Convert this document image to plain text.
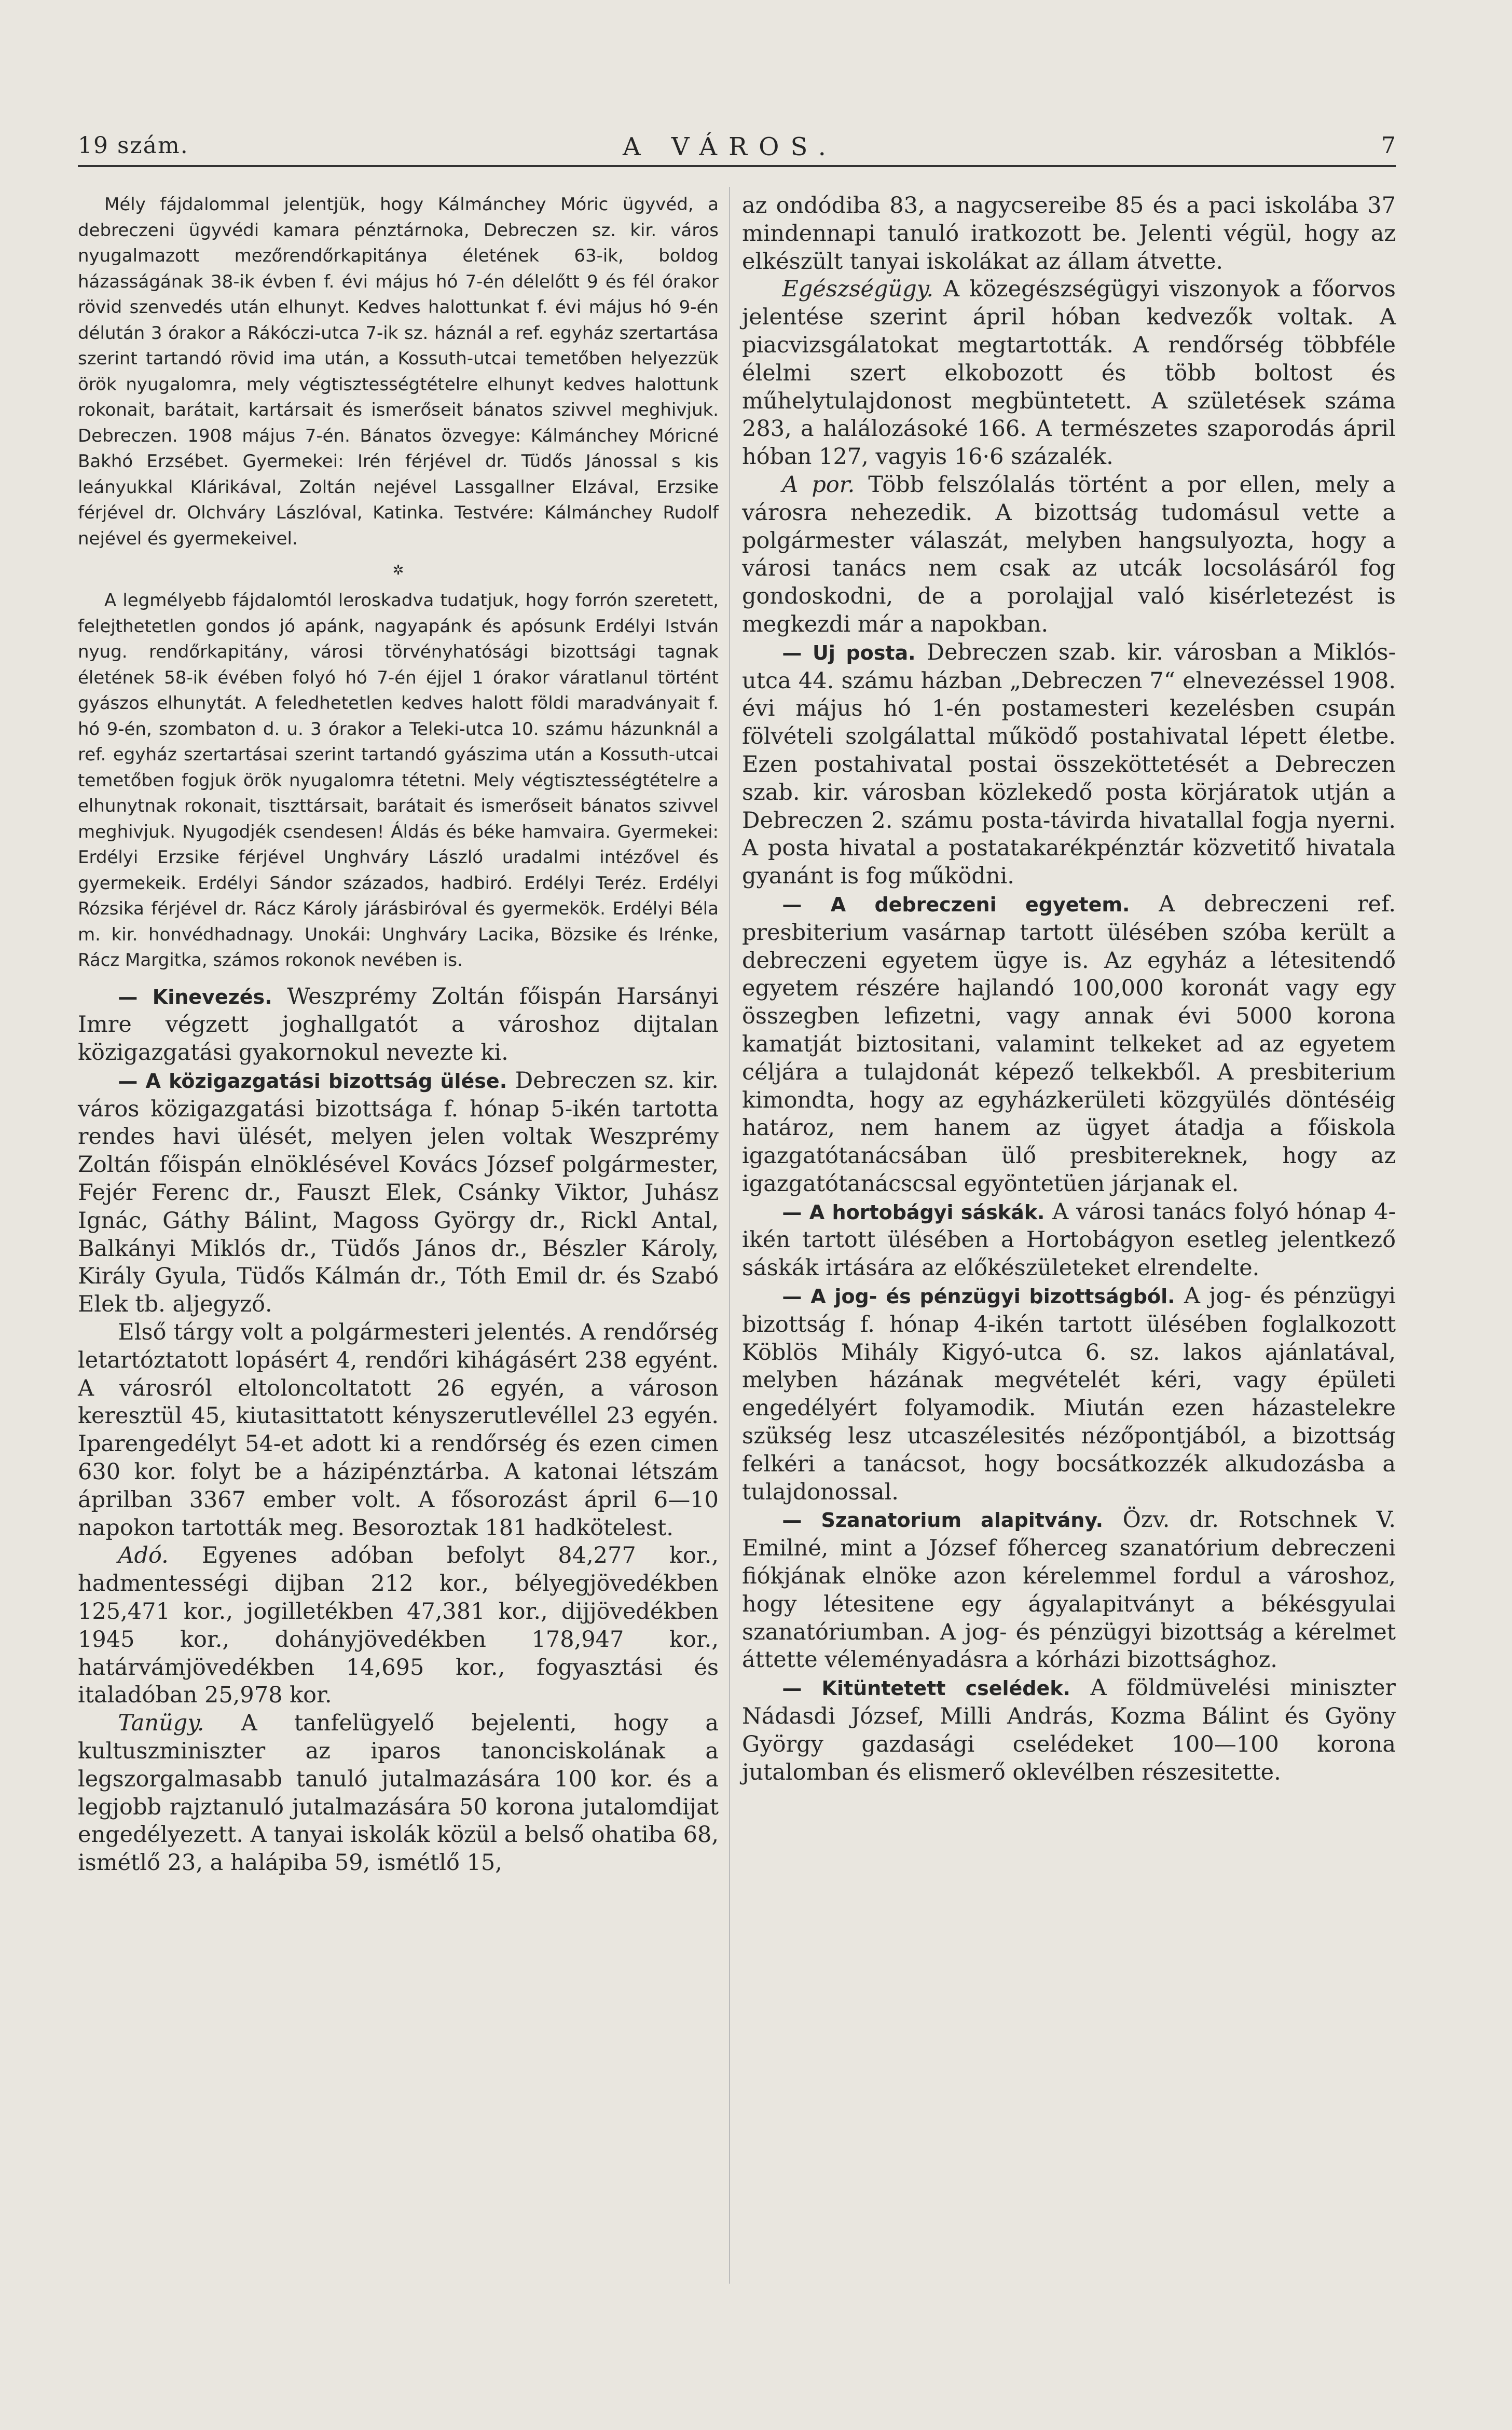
19 szám.	A VÁROS.	7

Mély fájdalommal jelentjük, hogy Kálmánchey Móric ügyvéd, a debreczeni ügyvédi kamara pénztárnoka, Debreczen sz. kir. város nyugalmazott mezőrendőrkapitánya életének 63-ik, boldog házasságának 38-ik évben f. évi május hó 7-én délelőtt 9 és fél órakor rövid szenvedés után elhunyt. Kedves halottunkat f. évi május hó 9-én délután 3 órakor a Rákóczi-utca 7-ik sz. háznál a ref. egyház szertartása szerint tartandó rövid ima után, a Kossuth-utcai temetőben helyezzük örök nyugalomra, mely végtisztességtételre elhunyt kedves halottunk rokonait, barátait, kartársait és ismerőseit bánatos szivvel meghivjuk. Debreczen. 1908 május 7-én. Bánatos özvegye: Kálmánchey Móricné Bakhó Erzsébet. Gyermekei: Irén férjével dr. Tüdős Jánossal s kis leányukkal Klárikával, Zoltán nejével Lassgallner Elzával, Erzsike férjével dr. Olchváry Lászlóval, Katinka. Testvére: Kálmánchey Rudolf nejével és gyermekeivel.

✲

A legmélyebb fájdalomtól leroskadva tudatjuk, hogy forrón szeretett, felejthetetlen gondos jó apánk, nagyapánk és apósunk Erdélyi István nyug. rendőrkapitány, városi törvényhatósági bizottsági tagnak életének 58-ik évében folyó hó 7-én éjjel 1 órakor váratlanul történt gyászos elhunytát. A feledhetetlen kedves halott földi maradványait f. hó 9-én, szombaton d. u. 3 órakor a Teleki-utca 10. számu házunknál a ref. egyház szertartásai szerint tartandó gyászima után a Kossuth-utcai temetőben fogjuk örök nyugalomra tétetni. Mely végtisztességtételre a elhunytnak rokonait, tiszttársait, barátait és ismerőseit bánatos szivvel meghivjuk. Nyugodjék csendesen! Áldás és béke hamvaira. Gyermekei: Erdélyi Erzsike férjével Unghváry László uradalmi intézővel és gyermekeik. Erdélyi Sándor százados, hadbiró. Erdélyi Teréz. Erdélyi Rózsika férjével dr. Rácz Károly járásbiróval és gyermekök. Erdélyi Béla m. kir. honvédhadnagy. Unokái: Unghváry Lacika, Bözsike és Irénke, Rácz Margitka, számos rokonok nevében is.

— Kinevezés. Weszprémy Zoltán főispán Harsányi Imre végzett joghallgatót a városhoz dijtalan közigazgatási gyakornokul nevezte ki.

— A közigazgatási bizottság ülése. Debreczen sz. kir. város közigazgatási bizottsága f. hónap 5-ikén tartotta rendes havi ülését, melyen jelen voltak Weszprémy Zoltán főispán elnöklésével Kovács József polgármester, Fejér Ferenc dr., Fauszt Elek, Csánky Viktor, Juhász Ignác, Gáthy Bálint, Magoss György dr., Rickl Antal, Balkányi Miklós dr., Tüdős János dr., Bészler Károly, Király Gyula, Tüdős Kálmán dr., Tóth Emil dr. és Szabó Elek tb. aljegyző.

Első tárgy volt a polgármesteri jelentés. A rendőrség letartóztatott lopásért 4, rendőri kihágásért 238 egyént. A városról eltoloncoltatott 26 egyén, a városon keresztül 45, kiutasittatott kényszerutlevéllel 23 egyén. Iparengedélyt 54-et adott ki a rendőrség és ezen cimen 630 kor. folyt be a házipénztárba. A katonai létszám áprilban 3367 ember volt. A fősorozást ápril 6—10 napokon tartották meg. Besoroztak 181 hadkötelest.

Adó. Egyenes adóban befolyt 84,277 kor., hadmentességi dijban 212 kor., bélyegjövedékben 125,471 kor., jogilletékben 47,381 kor., dijjövedékben 1945 kor., dohányjövedékben 178,947 kor., határvámjövedékben 14,695 kor., fogyasztási és italadóban 25,978 kor.

Tanügy. A tanfelügyelő bejelenti, hogy a kultuszminiszter az iparos tanonciskolának a legszorgalmasabb tanuló jutalmazására 100 kor. és a legjobb rajztanuló jutalmazására 50 korona jutalomdijat engedélyezett. A tanyai iskolák közül a belső ohatiba 68, ismétlő 23, a halápiba 59, ismétlő 15,

az ondódiba 83, a nagycsereibe 85 és a paci iskolába 37 mindennapi tanuló iratkozott be. Jelenti végül, hogy az elkészült tanyai iskolákat az állam átvette.

Egészségügy. A közegészségügyi viszonyok a főorvos jelentése szerint ápril hóban kedvezők voltak. A piacvizsgálatokat megtartották. A rendőrség többféle élelmi szert elkobozott és több boltost és műhelytulajdonost megbüntetett. A születések száma 283, a halálozásoké 166. A természetes szaporodás ápril hóban 127, vagyis 16·6 százalék.

A por. Több felszólalás történt a por ellen, mely a városra nehezedik. A bizottság tudomásul vette a polgármester válaszát, melyben hangsulyozta, hogy a városi tanács nem csak az utcák locsolásáról fog gondoskodni, de a porolajjal való kisérletezést is megkezdi már a napokban.

— Uj posta. Debreczen szab. kir. városban a Miklós-utca 44. számu házban „Debreczen 7“ elnevezéssel 1908. évi május hó 1-én postamesteri kezelésben csupán fölvételi szolgálattal működő postahivatal lépett életbe. Ezen postahivatal postai összeköttetését a Debreczen szab. kir. városban közlekedő posta körjáratok utján a Debreczen 2. számu posta-távirda hivatallal fogja nyerni. A posta hivatal a postatakarékpénztár közvetitő hivatala gyanánt is fog működni.

— A debreczeni egyetem. A debreczeni ref. presbiterium vasárnap tartott ülésében szóba került a debreczeni egyetem ügye is. Az egyház a létesitendő egyetem részére hajlandó 100,000 koronát vagy egy összegben lefizetni, vagy annak évi 5000 korona kamatját biztositani, valamint telkeket ad az egyetem céljára a tulajdonát képező telkekből. A presbiterium kimondta, hogy az egyházkerületi közgyülés döntéséig határoz, nem hanem az ügyet átadja a főiskola igazgatótanácsában ülő presbitereknek, hogy az igazgatótanácscsal egyöntetüen járjanak el.

— A hortobágyi sáskák. A városi tanács folyó hónap 4-ikén tartott ülésében a Hortobágyon esetleg jelentkező sáskák irtására az előkészületeket elrendelte.

— A jog- és pénzügyi bizottságból. A jog- és pénzügyi bizottság f. hónap 4-ikén tartott ülésében foglalkozott Köblös Mihály Kigyó-utca 6. sz. lakos ajánlatával, melyben házának megvételét kéri, vagy épületi engedélyért folyamodik. Miután ezen házastelekre szükség lesz utcaszélesités nézőpontjából, a bizottság felkéri a tanácsot, hogy bocsátkozzék alkudozásba a tulajdonossal.

— Szanatorium alapitvány. Özv. dr. Rotschnek V. Emilné, mint a József főherceg szanatórium debreczeni fiókjának elnöke azon kérelemmel fordul a városhoz, hogy létesitene egy ágyalapitványt a békésgyulai szanatóriumban. A jog- és pénzügyi bizottság a kérelmet áttette véleményadásra a kórházi bizottsághoz.

— Kitüntetett cselédek. A földmüvelési miniszter Nádasdi József, Milli András, Kozma Bálint és Gyöny György gazdasági cselédeket 100—100 korona jutalomban és elismerő oklevélben részesitette.
